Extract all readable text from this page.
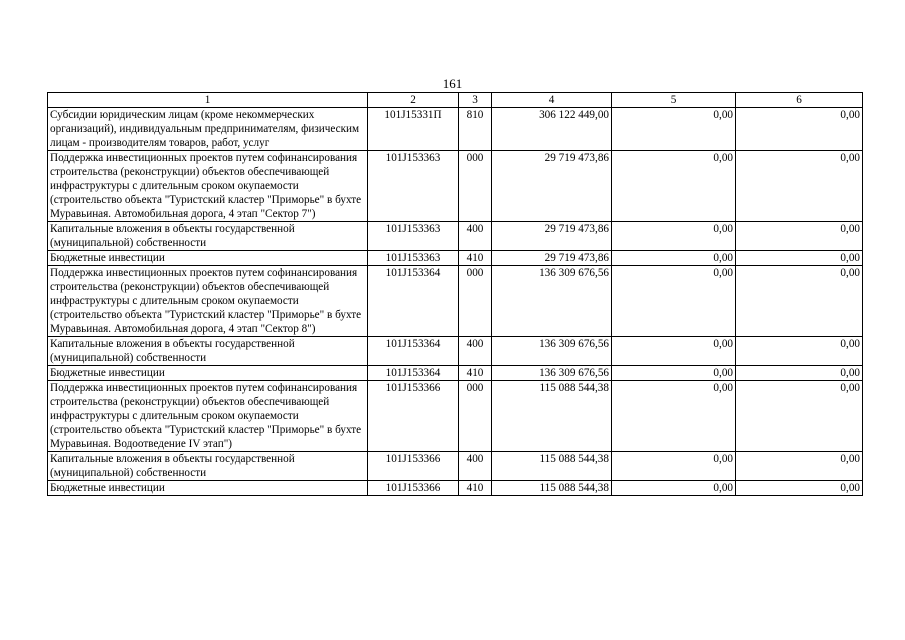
161
1	2	3	4	5	6
Субсидии юридическим лицам (кроме некоммерческих организаций), индивидуальным предпринимателям, физическим лицам - производителям товаров, работ, услуг	101J15331П	810	306 122 449,00	0,00	0,00
Поддержка инвестиционных проектов путем софинансирования строительства (реконструкции) объектов обеспечивающей инфраструктуры с длительным сроком окупаемости (строительство объекта "Туристский кластер "Приморье" в бухте Муравьиная. Автомобильная дорога, 4 этап "Сектор 7")	101J153363	000	29 719 473,86	0,00	0,00
Капитальные вложения в объекты государственной (муниципальной) собственности	101J153363	400	29 719 473,86	0,00	0,00
Бюджетные инвестиции	101J153363	410	29 719 473,86	0,00	0,00
Поддержка инвестиционных проектов путем софинансирования строительства (реконструкции) объектов обеспечивающей инфраструктуры с длительным сроком окупаемости (строительство объекта "Туристский кластер "Приморье" в бухте Муравьиная. Автомобильная дорога, 4 этап "Сектор 8")	101J153364	000	136 309 676,56	0,00	0,00
Капитальные вложения в объекты государственной (муниципальной) собственности	101J153364	400	136 309 676,56	0,00	0,00
Бюджетные инвестиции	101J153364	410	136 309 676,56	0,00	0,00
Поддержка инвестиционных проектов путем софинансирования строительства (реконструкции) объектов обеспечивающей инфраструктуры с длительным сроком окупаемости (строительство объекта "Туристский кластер "Приморье" в бухте Муравьиная. Водоотведение IV этап")	101J153366	000	115 088 544,38	0,00	0,00
Капитальные вложения в объекты государственной (муниципальной) собственности	101J153366	400	115 088 544,38	0,00	0,00
Бюджетные инвестиции	101J153366	410	115 088 544,38	0,00	0,00
